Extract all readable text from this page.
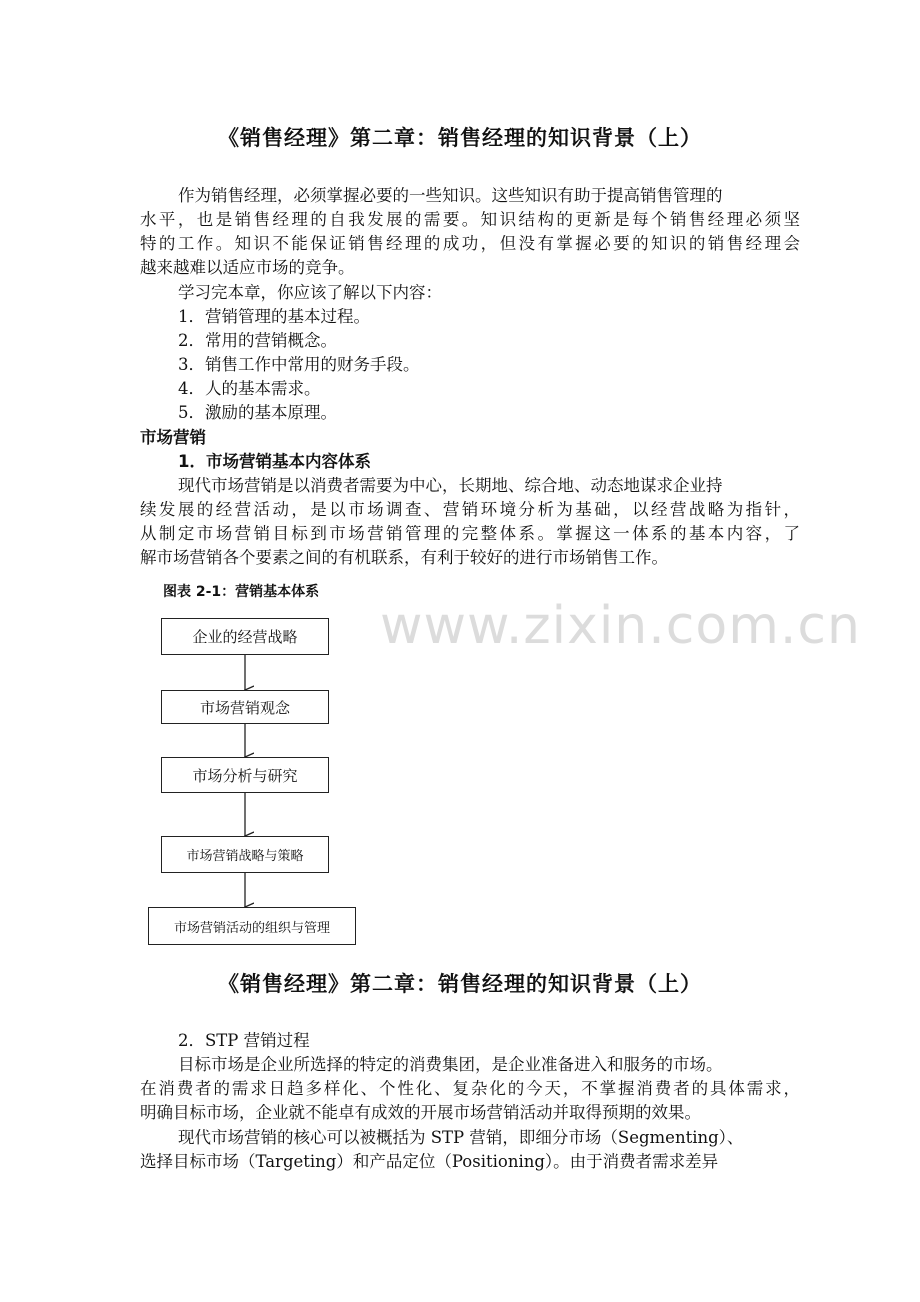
《销售经理》第二章：销售经理的知识背景（上）
作为销售经理，必须掌握必要的一些知识。这些知识有助于提高销售管理的
水平，也是销售经理的自我发展的需要。知识结构的更新是每个销售经理必须坚
特的工作。知识不能保证销售经理的成功，但没有掌握必要的知识的销售经理会
越来越难以适应市场的竞争。
学习完本章，你应该了解以下内容：
1．营销管理的基本过程。
2．常用的营销概念。
3．销售工作中常用的财务手段。
4．人的基本需求。
5．激励的基本原理。
市场营销
1．市场营销基本内容体系
现代市场营销是以消费者需要为中心，长期地、综合地、动态地谋求企业持
续发展的经营活动，是以市场调查、营销环境分析为基础，以经营战略为指针，
从制定市场营销目标到市场营销管理的完整体系。掌握这一体系的基本内容，了
解市场营销各个要素之间的有机联系，有利于较好的进行市场销售工作。
图表 2-1：营销基本体系
www.zixin.com.cn
企业的经营战略
市场营销观念
市场分析与研究
市场营销战略与策略
市场营销活动的组织与管理
《销售经理》第二章：销售经理的知识背景（上）
2．STP 营销过程
目标市场是企业所选择的特定的消费集团，是企业准备进入和服务的市场。
在消费者的需求日趋多样化、个性化、复杂化的今天，不掌握消费者的具体需求，
明确目标市场，企业就不能卓有成效的开展市场营销活动并取得预期的效果。
现代市场营销的核心可以被概括为 STP 营销，即细分市场（Segmenting）、
选择目标市场（Targeting）和产品定位（Positioning）。由于消费者需求差异
